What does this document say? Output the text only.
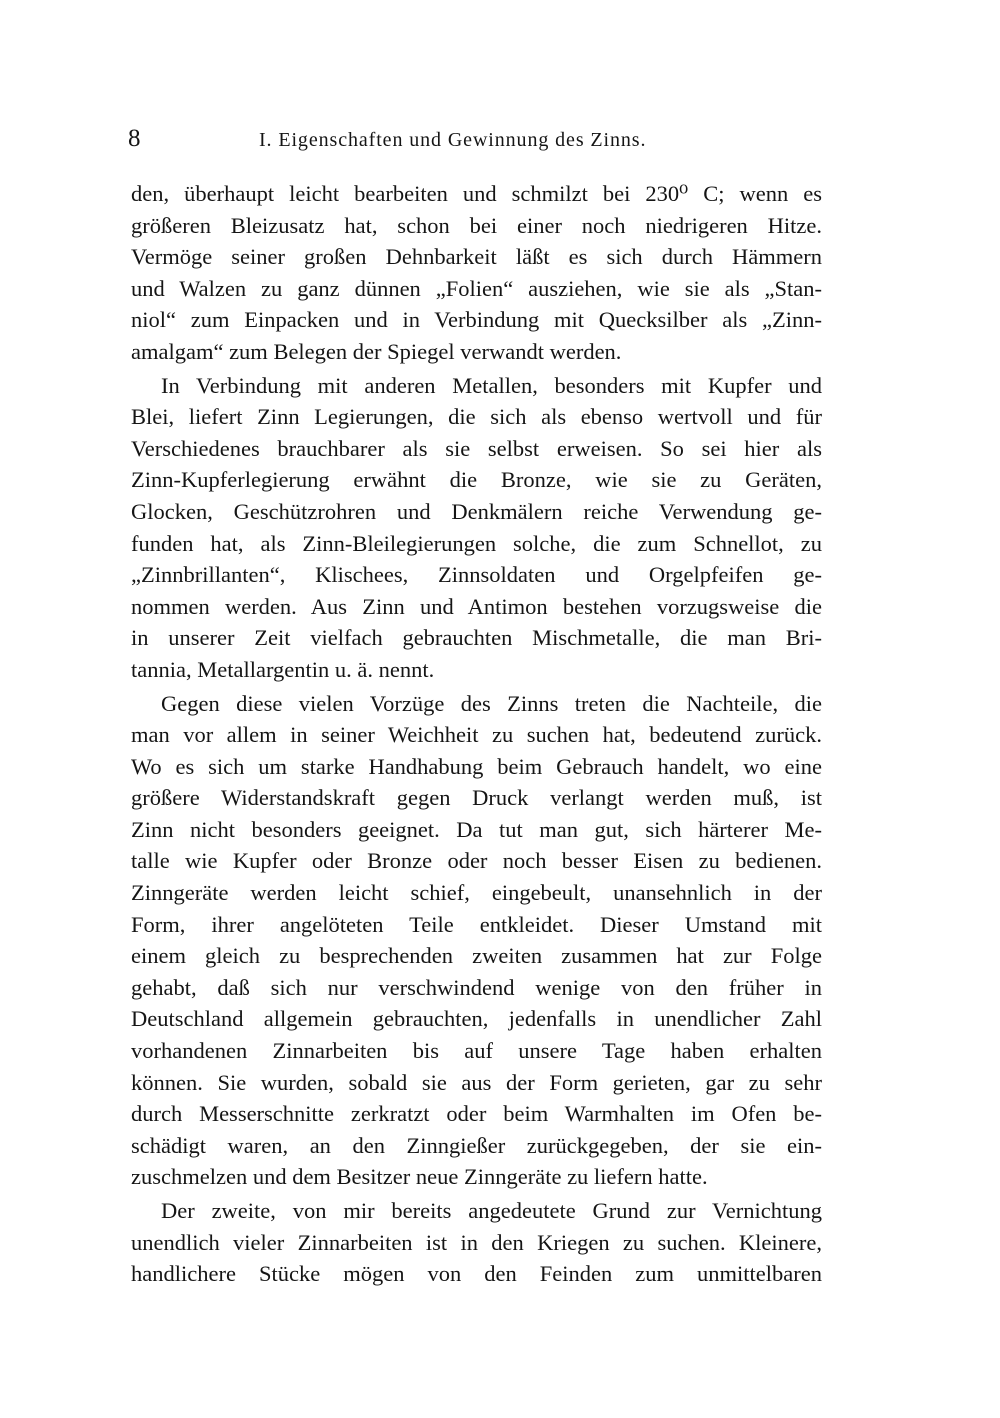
8	I. Eigenschaften und Gewinnung des Zinns.

den, überhaupt leicht bearbeiten und schmilzt bei 230⁰ C; wenn es
größeren Bleizusatz hat, schon bei einer noch niedrigeren Hitze.
Vermöge seiner großen Dehnbarkeit läßt es sich durch Hämmern
und Walzen zu ganz dünnen „Folien“ ausziehen, wie sie als „Stan-
niol“ zum Einpacken und in Verbindung mit Quecksilber als „Zinn-
amalgam“ zum Belegen der Spiegel verwandt werden.

In Verbindung mit anderen Metallen, besonders mit Kupfer und
Blei, liefert Zinn Legierungen, die sich als ebenso wertvoll und für
Verschiedenes brauchbarer als sie selbst erweisen. So sei hier als
Zinn-Kupferlegierung erwähnt die Bronze, wie sie zu Geräten,
Glocken, Geschützrohren und Denkmälern reiche Verwendung ge-
funden hat, als Zinn-Bleilegierungen solche, die zum Schnellot, zu
„Zinnbrillanten“, Klischees, Zinnsoldaten und Orgelpfeifen ge-
nommen werden. Aus Zinn und Antimon bestehen vorzugsweise die
in unserer Zeit vielfach gebrauchten Mischmetalle, die man Bri-
tannia, Metallargentin u. ä. nennt.

Gegen diese vielen Vorzüge des Zinns treten die Nachteile, die
man vor allem in seiner Weichheit zu suchen hat, bedeutend zurück.
Wo es sich um starke Handhabung beim Gebrauch handelt, wo eine
größere Widerstandskraft gegen Druck verlangt werden muß, ist
Zinn nicht besonders geeignet. Da tut man gut, sich härterer Me-
talle wie Kupfer oder Bronze oder noch besser Eisen zu bedienen.
Zinngeräte werden leicht schief, eingebeult, unansehnlich in der
Form, ihrer angelöteten Teile entkleidet. Dieser Umstand mit
einem gleich zu besprechenden zweiten zusammen hat zur Folge
gehabt, daß sich nur verschwindend wenige von den früher in
Deutschland allgemein gebrauchten, jedenfalls in unendlicher Zahl
vorhandenen Zinnarbeiten bis auf unsere Tage haben erhalten
können. Sie wurden, sobald sie aus der Form gerieten, gar zu sehr
durch Messerschnitte zerkratzt oder beim Warmhalten im Ofen be-
schädigt waren, an den Zinngießer zurückgegeben, der sie ein-
zuschmelzen und dem Besitzer neue Zinngeräte zu liefern hatte.

Der zweite, von mir bereits angedeutete Grund zur Vernichtung
unendlich vieler Zinnarbeiten ist in den Kriegen zu suchen. Kleinere,
handlichere Stücke mögen von den Feinden zum unmittelbaren
